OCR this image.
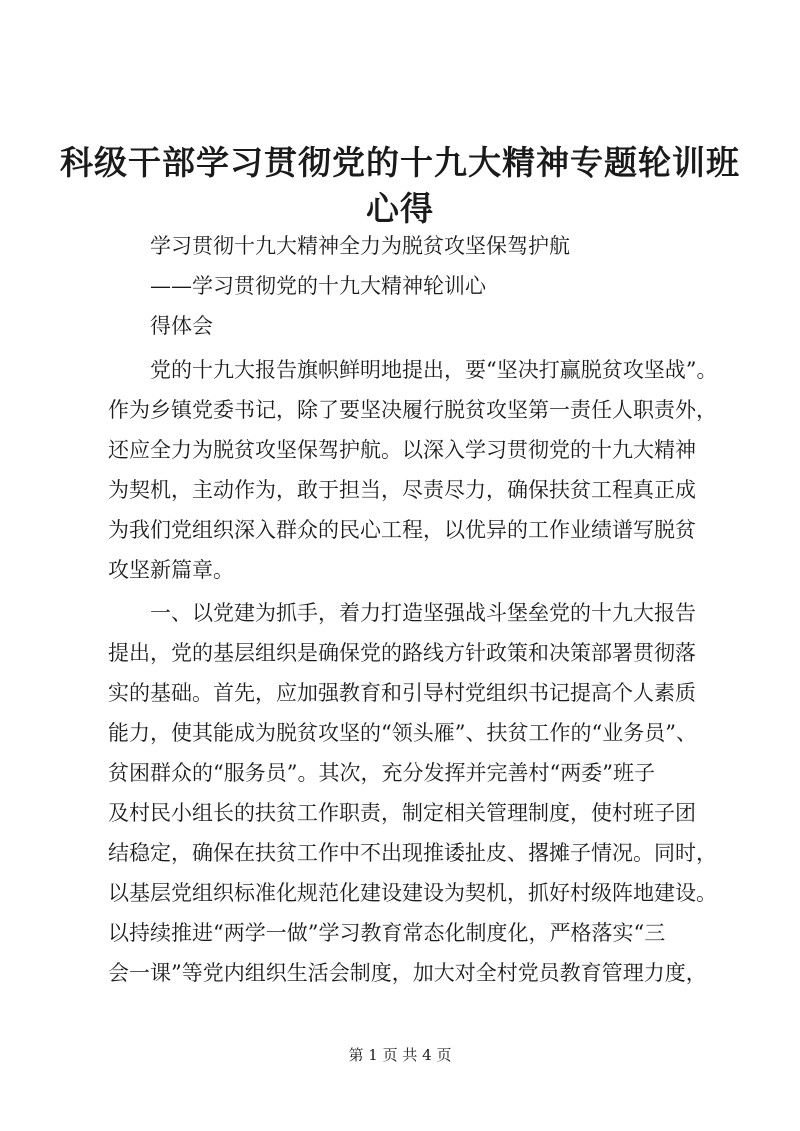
科级干部学习贯彻党的十九大精神专题轮训班
心得
学习贯彻十九大精神全力为脱贫攻坚保驾护航
——学习贯彻党的十九大精神轮训心
得体会
党的十九大报告旗帜鲜明地提出，要“坚决打赢脱贫攻坚战”。
作为乡镇党委书记，除了要坚决履行脱贫攻坚第一责任人职责外，
还应全力为脱贫攻坚保驾护航。以深入学习贯彻党的十九大精神
为契机，主动作为，敢于担当，尽责尽力，确保扶贫工程真正成
为我们党组织深入群众的民心工程，以优异的工作业绩谱写脱贫
攻坚新篇章。
一、以党建为抓手，着力打造坚强战斗堡垒党的十九大报告
提出，党的基层组织是确保党的路线方针政策和决策部署贯彻落
实的基础。首先，应加强教育和引导村党组织书记提高个人素质
能力，使其能成为脱贫攻坚的“领头雁”、扶贫工作的“业务员”、
贫困群众的“服务员”。其次，充分发挥并完善村“两委”班子
及村民小组长的扶贫工作职责，制定相关管理制度，使村班子团
结稳定，确保在扶贫工作中不出现推诿扯皮、撂摊子情况。同时，
以基层党组织标准化规范化建设建设为契机，抓好村级阵地建设。
以持续推进“两学一做”学习教育常态化制度化，严格落实“三
会一课”等党内组织生活会制度，加大对全村党员教育管理力度，
第 1 页 共 4 页
